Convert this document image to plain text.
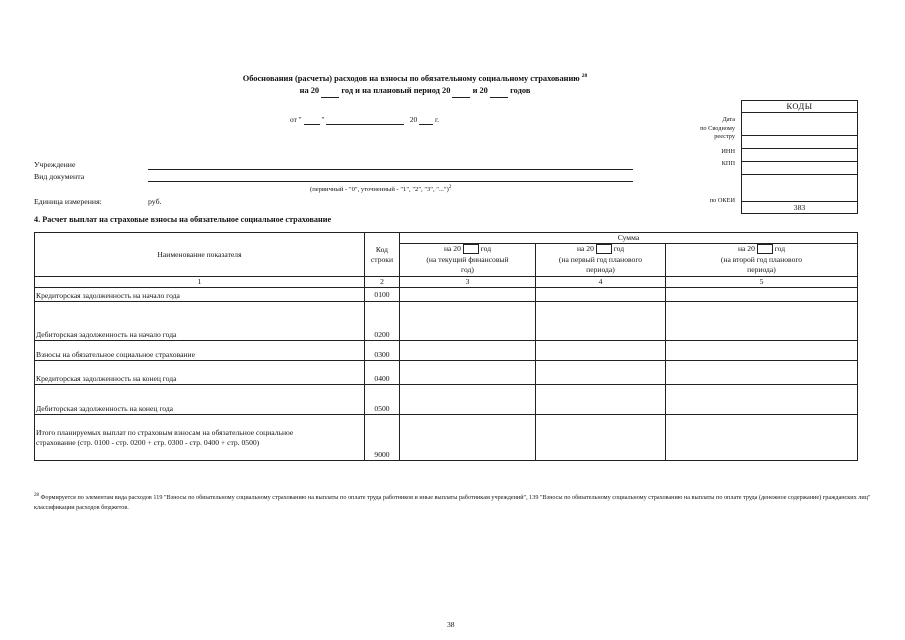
Обоснования (расчеты) расходов на взносы по обязательному социальному страхованию $^{28}$
на 20	год и на плановый период 20	и 20	годов
от "	"	20 г.
КОДЫ

383
Дата
по Сводному реестру
ИНН
КПП
по ОКЕИ
Учреждение
Вид документа
(первичный - "0", уточненный - "1", "2", "3", "...")$^2$
Единица измерения:	руб.
4. Расчет выплат на страховые взносы на обязательное социальное страхование
Наименование показателя	Код строки	Сумма		
		на 20 год	на 20 год	на 20 год
		(на текущий финансовый год)	(на первый год планового периода)	(на второй год планового периода)
1	2	3	4	5
Кредиторская задолженность на начало года	0100			
Дебиторская задолженность на начало года	0200			
Взносы на обязательное социальное страхование	0300			
Кредиторская задолженность на конец года	0400			
Дебиторская задолженность на конец года	0500			
Итого планируемых выплат по страховым взносам на обязательное социальное страхование (стр. 0100 - стр. 0200 + стр. 0300 - стр. 0400 + стр. 0500)	9000			
$^{28}$ Формируется по элементам вида расходов 119 "Взносы по обязательному социальному страхованию на выплаты по оплате труда работников и иные выплаты работникам учреждений", 139 "Взносы по обязательному социальному страхованию на выплаты по оплате труда (денежное содержание) гражданских лиц" классификации расходов бюджетов.
38
